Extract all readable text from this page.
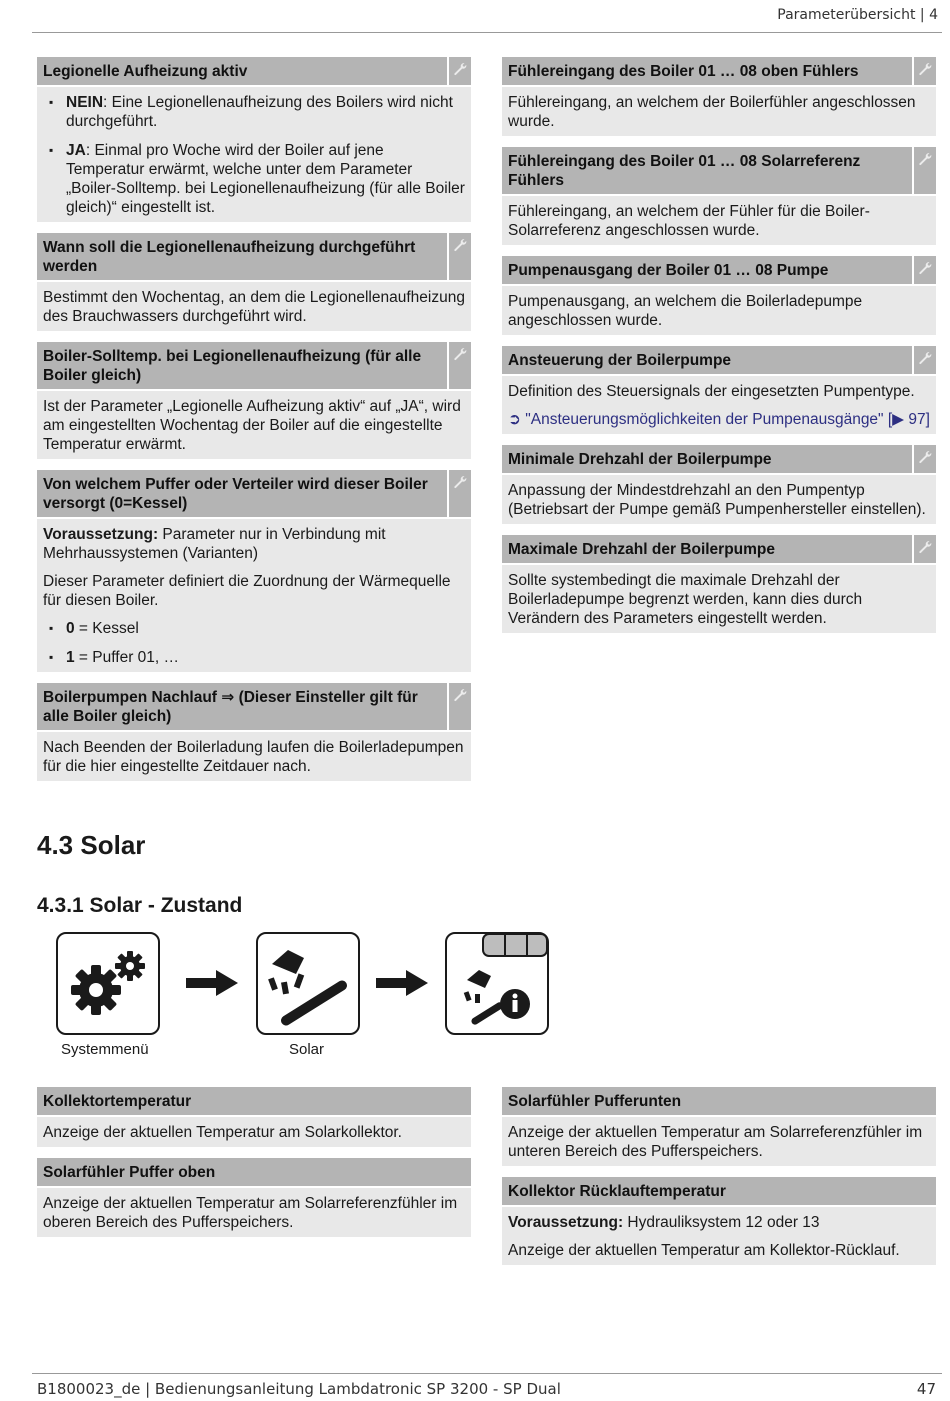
Parameterübersicht | 4
Legionelle Aufheizung aktiv
▪ NEIN: Eine Legionellenaufheizung des Boilers wird nicht durchgeführt.
▪ JA: Einmal pro Woche wird der Boiler auf jene Temperatur erwärmt, welche unter dem Parameter „Boiler-Solltemp. bei Legionellenaufheizung (für alle Boiler gleich)“ eingestellt ist.
Wann soll die Legionellenaufheizung durchgeführt werden

Bestimmt den Wochentag, an dem die Legionellenaufheizung des Brauchwassers durchgeführt wird.

Boiler-Solltemp. bei Legionellenaufheizung (für alle Boiler gleich)

Ist der Parameter „Legionelle Aufheizung aktiv“ auf „JA“, wird am eingestellten Wochentag der Boiler auf die eingestellte Temperatur erwärmt.

Von welchem Puffer oder Verteiler wird dieser Boiler versorgt (0=Kessel)

Voraussetzung: Parameter nur in Verbindung mit Mehrhaussystemen (Varianten)

Dieser Parameter definiert die Zuordnung der Wärmequelle für diesen Boiler.

▪ 0 = Kessel
▪ 1 = Puffer 01, …
Boilerpumpen Nachlauf ⇒ (Dieser Einsteller gilt für alle Boiler gleich)

Nach Beenden der Boilerladung laufen die Boilerladepumpen für die hier eingestellte Zeitdauer nach.

Fühlereingang des Boiler 01 … 08 oben Fühlers

Fühlereingang, an welchem der Boilerfühler angeschlossen wurde.

Fühlereingang des Boiler 01 … 08 Solarreferenz Fühlers

Fühlereingang, an welchem der Fühler für die Boiler-Solarreferenz angeschlossen wurde.

Pumpenausgang der Boiler 01 … 08 Pumpe

Pumpenausgang, an welchem die Boilerladepumpe angeschlossen wurde.

Ansteuerung der Boilerpumpe

Definition des Steuersignals der eingesetzten Pumpentype.

➲ "Ansteuerungsmöglichkeiten der Pumpenausgänge" [▶ 97]

Minimale Drehzahl der Boilerpumpe

Anpassung der Mindestdrehzahl an den Pumpentyp (Betriebsart der Pumpe gemäß Pumpenhersteller einstellen).

Maximale Drehzahl der Boilerpumpe

Sollte systembedingt die maximale Drehzahl der Boilerladepumpe begrenzt werden, kann dies durch Verändern des Parameters eingestellt werden.

4.3 Solar
4.3.1 Solar - Zustand
Systemmenü	Solar
Kollektortemperatur

Anzeige der aktuellen Temperatur am Solarkollektor.

Solarfühler Puffer oben

Anzeige der aktuellen Temperatur am Solarreferenzfühler im oberen Bereich des Pufferspeichers.

Solarfühler Pufferunten

Anzeige der aktuellen Temperatur am Solarreferenzfühler im unteren Bereich des Pufferspeichers.

Kollektor Rücklauftemperatur

Voraussetzung: Hydrauliksystem 12 oder 13

Anzeige der aktuellen Temperatur am Kollektor-Rücklauf.

B1800023_de | Bedienungsanleitung Lambdatronic SP 3200 - SP Dual	47
